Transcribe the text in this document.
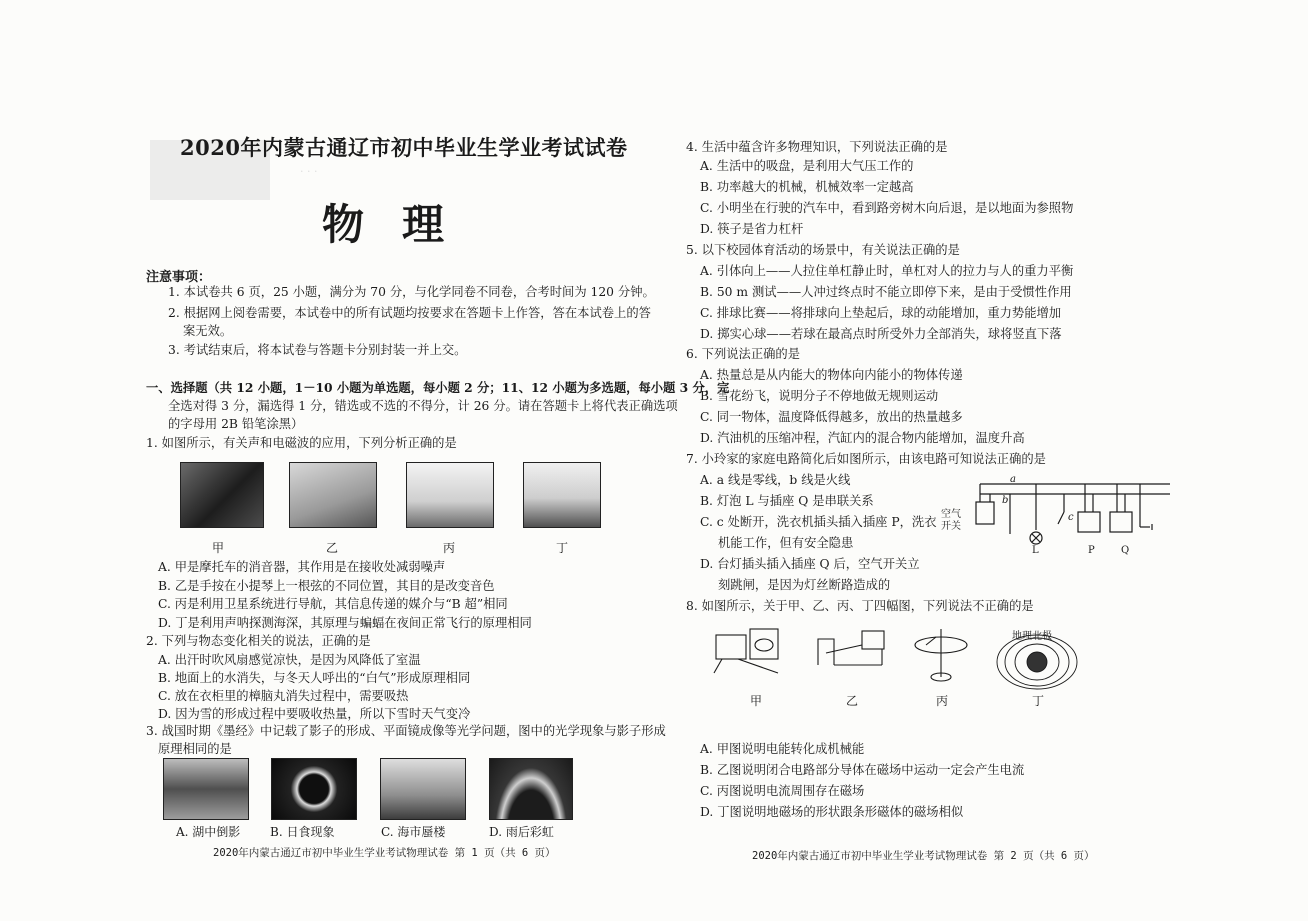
· · ·
2020年内蒙古通辽市初中毕业生学业考试试卷
物理
注意事项：
1. 本试卷共 6 页，25 小题，满分为 70 分，与化学同卷不同卷，合考时间为 120 分钟。
2. 根据网上阅卷需要，本试卷中的所有试题均按要求在答题卡上作答，答在本试卷上的答
案无效。
3. 考试结束后，将本试卷与答题卡分别封装一并上交。
一、选择题（共 12 小题，1－10 小题为单选题，每小题 2 分；11、12 小题为多选题，每小题 3 分，完
全选对得 3 分，漏选得 1 分，错选或不选的不得分，计 26 分。请在答题卡上将代表正确选项
的字母用 2B 铅笔涂黑）
1. 如图所示，有关声和电磁波的应用，下列分析正确的是
甲	乙	丙	丁
A. 甲是摩托车的消音器，其作用是在接收处减弱噪声
B. 乙是手按在小提琴上一根弦的不同位置，其目的是改变音色
C. 丙是利用卫星系统进行导航，其信息传递的媒介与“B 超”相同
D. 丁是利用声呐探测海深，其原理与蝙蝠在夜间正常飞行的原理相同
2. 下列与物态变化相关的说法，正确的是
A. 出汗时吹风扇感觉凉快，是因为风降低了室温
B. 地面上的水消失，与冬天人呼出的“白气”形成原理相同
C. 放在衣柜里的樟脑丸消失过程中，需要吸热
D. 因为雪的形成过程中要吸收热量，所以下雪时天气变冷
3. 战国时期《墨经》中记载了影子的形成、平面镜成像等光学问题，图中的光学现象与影子形成
原理相同的是
A. 湖中倒影 B. 日食现象	C. 海市蜃楼	D. 雨后彩虹
2020年内蒙古通辽市初中毕业生学业考试物理试卷 第 1 页（共 6 页）
4. 生活中蕴含许多物理知识，下列说法正确的是
A. 生活中的吸盘，是利用大气压工作的
B. 功率越大的机械，机械效率一定越高
C. 小明坐在行驶的汽车中，看到路旁树木向后退，是以地面为参照物
D. 筷子是省力杠杆
5. 以下校园体育活动的场景中，有关说法正确的是
A. 引体向上——人拉住单杠静止时，单杠对人的拉力与人的重力平衡
B. 50 m 测试——人冲过终点时不能立即停下来，是由于受惯性作用
C. 排球比赛——将排球向上垫起后，球的动能增加，重力势能增加
D. 掷实心球——若球在最高点时所受外力全部消失，球将竖直下落
6. 下列说法正确的是
A. 热量总是从内能大的物体向内能小的物体传递
B. 雪花纷飞，说明分子不停地做无规则运动
C. 同一物体，温度降低得越多，放出的热量越多
D. 汽油机的压缩冲程，汽缸内的混合物内能增加，温度升高
7. 小玲家的家庭电路简化后如图所示，由该电路可知说法正确的是
A. a 线是零线，b 线是火线
B. 灯泡 L 与插座 Q 是串联关系
C. c 处断开，洗衣机插头插入插座 P，洗衣
机能工作，但有安全隐患
D. 台灯插头插入插座 Q 后，空气开关立
刻跳闸，是因为灯丝断路造成的
空气
开关
a
b
c
L	P	Q
8. 如图所示，关于甲、乙、丙、丁四幅图，下列说法不正确的是
地理北极
甲	乙	丙	丁
A. 甲图说明电能转化成机械能
B. 乙图说明闭合电路部分导体在磁场中运动一定会产生电流
C. 丙图说明电流周围存在磁场
D. 丁图说明地磁场的形状跟条形磁体的磁场相似
2020年内蒙古通辽市初中毕业生学业考试物理试卷 第 2 页（共 6 页）
